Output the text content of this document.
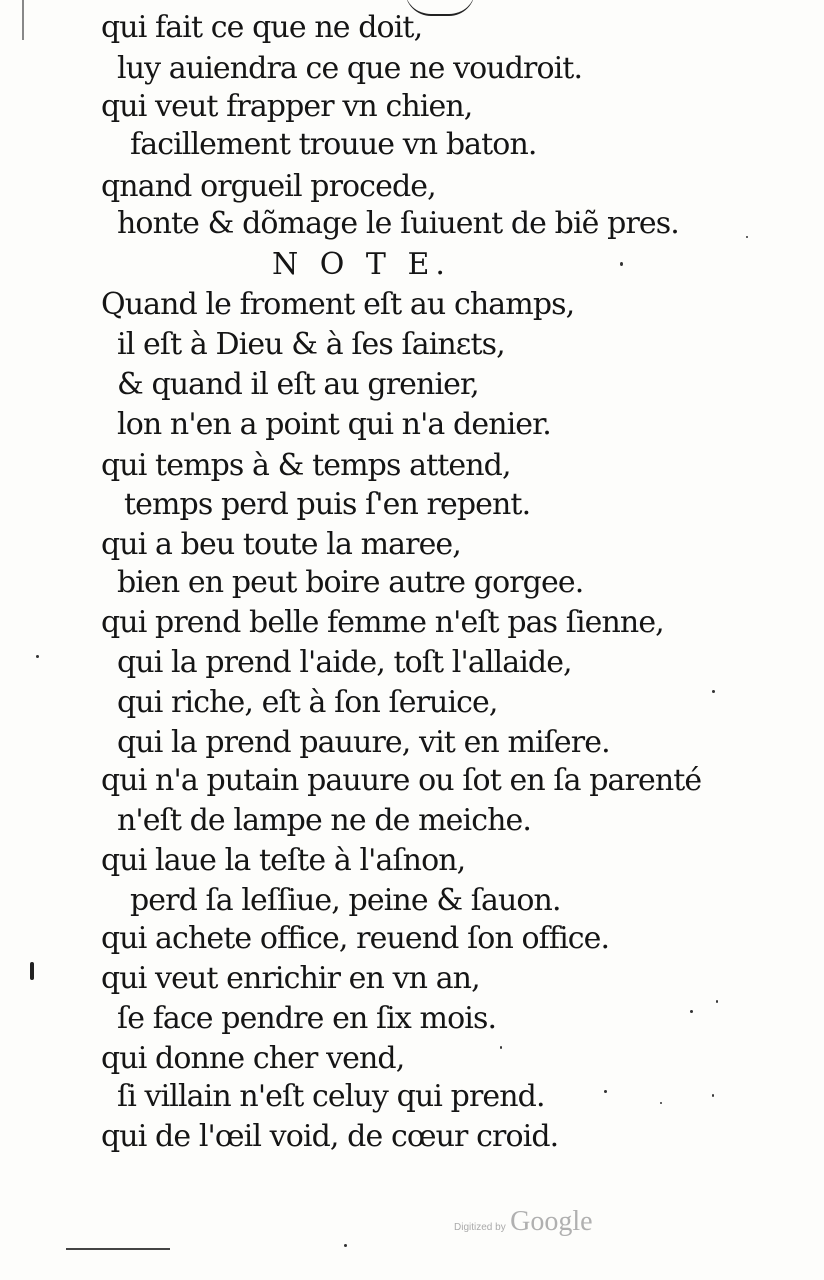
qui fait ce que ne doit,
luy auiendra ce que ne voudroit.
qui veut frapper vn chien,
facillement trouue vn baton.
qnand orgueil procede,
honte & dõmage le ſuiuent de biẽ pres.
N O T E.
Quand le froment eſt au champs,
il eſt à Dieu & à ſes ſainɛts,
& quand il eſt au grenier,
lon n'en a point qui n'a denier.
qui temps à & temps attend,
temps perd puis ſ'en repent.
qui a beu toute la maree,
bien en peut boire autre gorgee.
qui prend belle femme n'eſt pas ſienne,
qui la prend l'aide, toſt l'allaide,
qui riche, eſt à ſon ſeruice,
qui la prend pauure, vit en miſere.
qui n'a putain pauure ou ſot en ſa parenté
n'eſt de lampe ne de meiche.
qui laue la teſte à l'aſnon,
perd ſa leſſiue, peine & ſauon.
qui achete office, reuend ſon office.
qui veut enrichir en vn an,
ſe face pendre en ſix mois.
qui donne cher vend,
ſi villain n'eſt celuy qui prend.
qui de l'œil void, de cœur croid.
Digitized by Google
